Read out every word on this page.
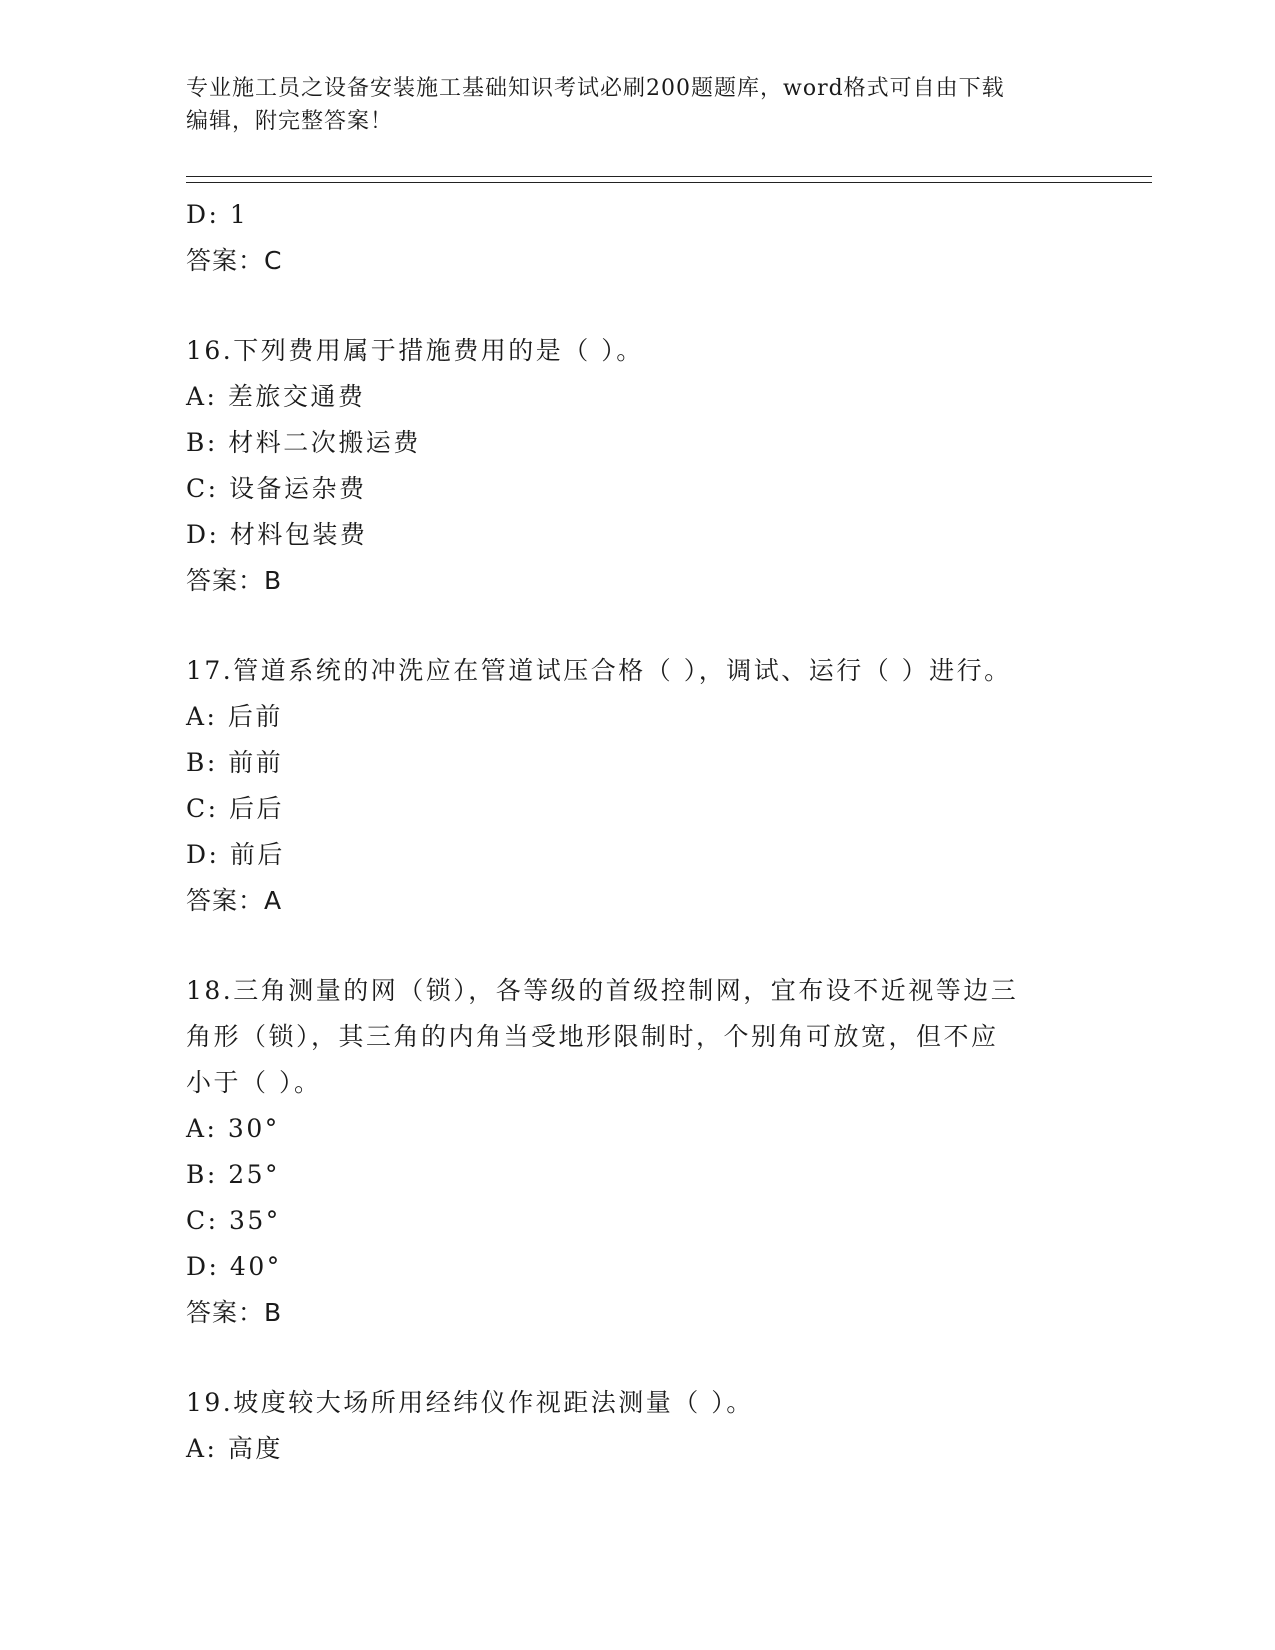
专业施工员之设备安装施工基础知识考试必刷200题题库，word格式可自由下载
编辑，附完整答案！
D: 1
答案：C
16.下列费用属于措施费用的是（ ）。
A: 差旅交通费
B: 材料二次搬运费
C: 设备运杂费
D: 材料包装费
答案：B
17.管道系统的冲洗应在管道试压合格（ ），调试、运行（ ）进行。
A: 后前
B: 前前
C: 后后
D: 前后
答案：A
18.三角测量的网（锁），各等级的首级控制网，宜布设不近视等边三
角形（锁），其三角的内角当受地形限制时，个别角可放宽，但不应
小于（ ）。
A: 30°
B: 25°
C: 35°
D: 40°
答案：B
19.坡度较大场所用经纬仪作视距法测量（ ）。
A: 高度
